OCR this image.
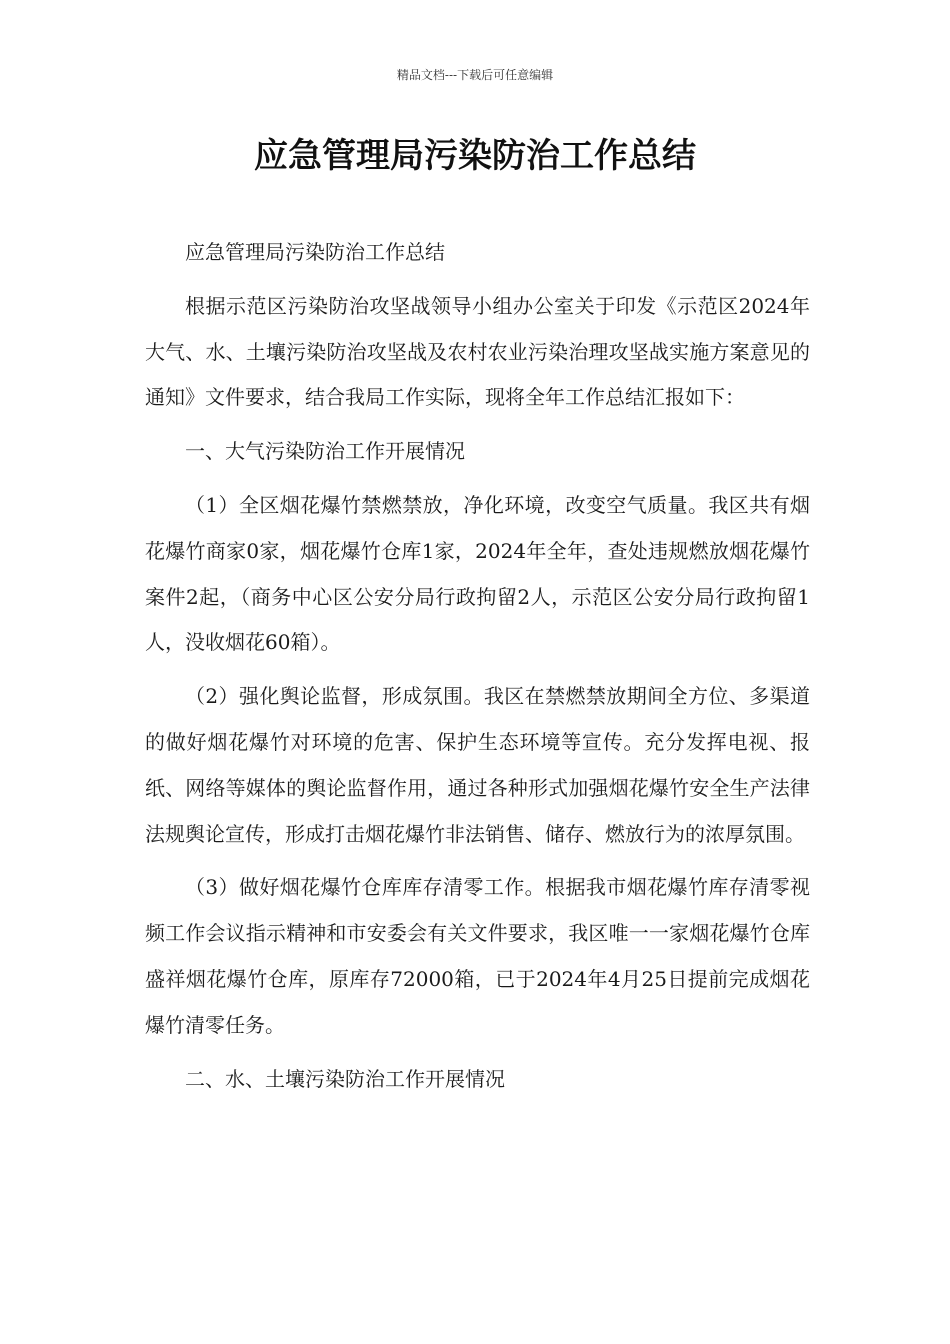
精品文档---下载后可任意编辑
应急管理局污染防治工作总结

应急管理局污染防治工作总结

根据示范区污染防治攻坚战领导小组办公室关于印发《示范区2024年大气、水、土壤污染防治攻坚战及农村农业污染治理攻坚战实施方案意见的通知》文件要求，结合我局工作实际，现将全年工作总结汇报如下：

一、大气污染防治工作开展情况

（1）全区烟花爆竹禁燃禁放，净化环境，改变空气质量。我区共有烟花爆竹商家0家，烟花爆竹仓库1家，2024年全年，查处违规燃放烟花爆竹案件2起，（商务中心区公安分局行政拘留2人，示范区公安分局行政拘留1人，没收烟花60箱）。

（2）强化舆论监督，形成氛围。我区在禁燃禁放期间全方位、多渠道的做好烟花爆竹对环境的危害、保护生态环境等宣传。充分发挥电视、报纸、网络等媒体的舆论监督作用，通过各种形式加强烟花爆竹安全生产法律法规舆论宣传，形成打击烟花爆竹非法销售、储存、燃放行为的浓厚氛围。

（3）做好烟花爆竹仓库库存清零工作。根据我市烟花爆竹库存清零视频工作会议指示精神和市安委会有关文件要求，我区唯一一家烟花爆竹仓库盛祥烟花爆竹仓库，原库存72000箱，已于2024年4月25日提前完成烟花爆竹清零任务。

二、水、土壤污染防治工作开展情况
